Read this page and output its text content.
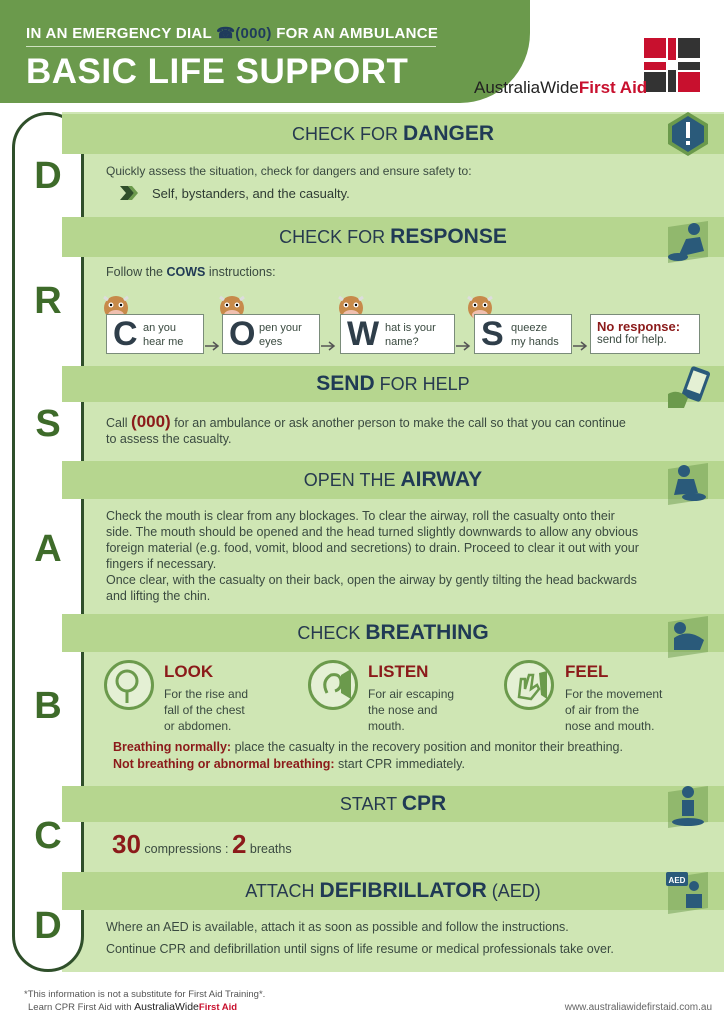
IN AN EMERGENCY DIAL ☎(000) FOR AN AMBULANCE
BASIC LIFE SUPPORT	AustraliaWideFirst Aid
D
R
S
A
B
C
D
CHECK FOR DANGER
Quickly assess the situation, check for dangers and ensure safety to:
Self, bystanders, and the casualty.
CHECK FOR RESPONSE
Follow the COWS instructions:
C an you
hear me O pen your
eyes	W hat is your
name?	S queeze
my hands
No response:
send for help.
SEND FOR HELP
Call (000) for an ambulance or ask another person to make the call so that you can continue
to assess the casualty.
OPEN THE AIRWAY
Check the mouth is clear from any blockages. To clear the airway, roll the casualty onto their
side. The mouth should be opened and the head turned slightly downwards to allow any obvious
foreign material (e.g. food, vomit, blood and secretions) to drain. Proceed to clear it out with your
fingers if necessary.
Once clear, with the casualty on their back, open the airway by gently tilting the head backwards
and lifting the chin.
CHECK BREATHING
LOOK
For the rise and
fall of the chest
or abdomen.
LISTEN
For air escaping
the nose and
mouth.
FEEL
For the movement
of air from the
nose and mouth.
Breathing normally: place the casualty in the recovery position and monitor their breathing.
Not breathing or abnormal breathing: start CPR immediately.
START CPR
30 compressions : 2 breaths
ATTACH DEFIBRILLATOR (AED)
AED
Where an AED is available, attach it as soon as possible and follow the instructions.
Continue CPR and defibrillation until signs of life resume or medical professionals take over.
*This information is not a substitute for First Aid Training*.
Learn CPR First Aid with AustraliaWideFirst Aid	www.australiawidefirstaid.com.au
